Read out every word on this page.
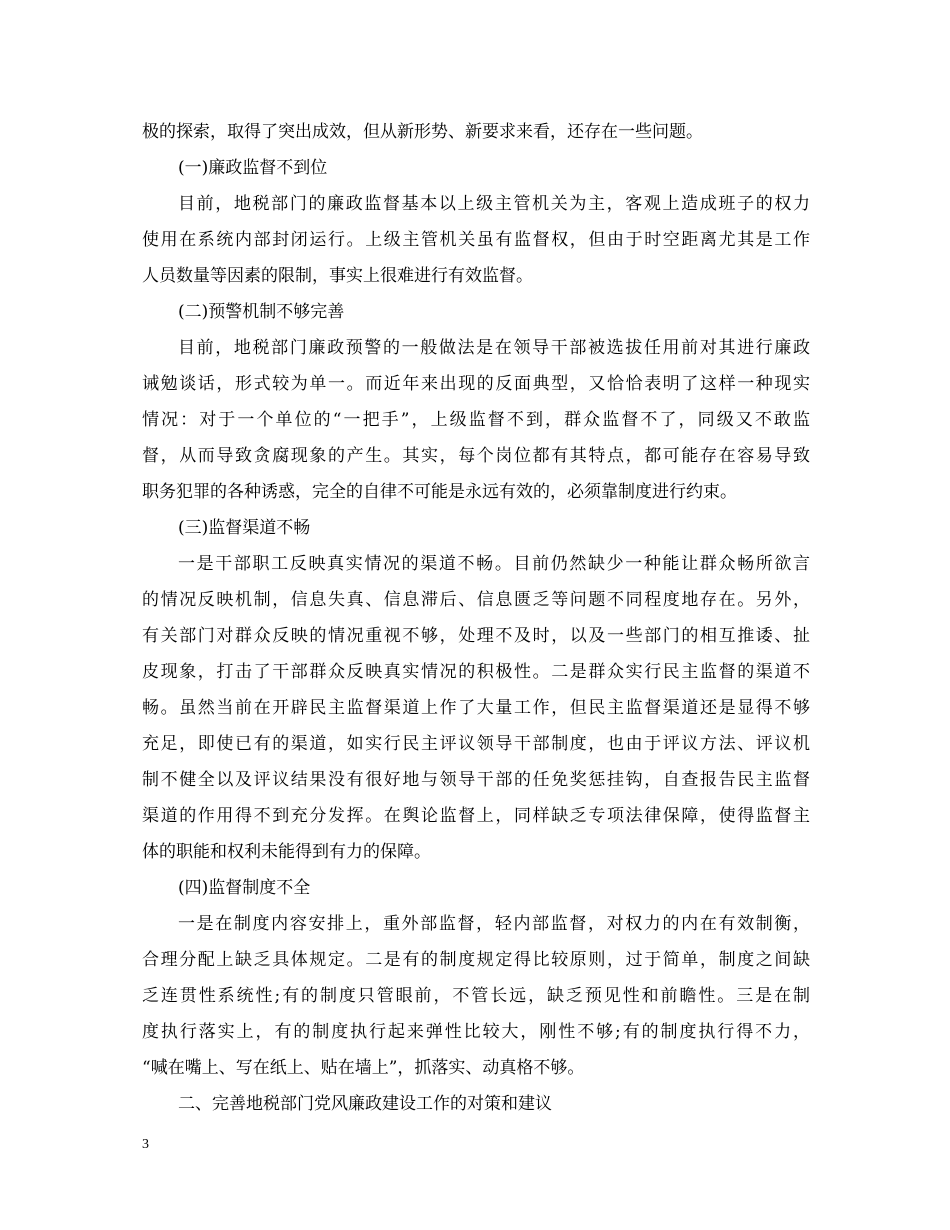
极的探索，取得了突出成效，但从新形势、新要求来看，还存在一些问题。
(一)廉政监督不到位
目前，地税部门的廉政监督基本以上级主管机关为主，客观上造成班子的权力
使用在系统内部封闭运行。上级主管机关虽有监督权，但由于时空距离尤其是工作
人员数量等因素的限制，事实上很难进行有效监督。
(二)预警机制不够完善
目前，地税部门廉政预警的一般做法是在领导干部被选拔任用前对其进行廉政
诫勉谈话，形式较为单一。而近年来出现的反面典型，又恰恰表明了这样一种现实
情况：对于一个单位的“一把手”，上级监督不到，群众监督不了，同级又不敢监
督，从而导致贪腐现象的产生。其实，每个岗位都有其特点，都可能存在容易导致
职务犯罪的各种诱惑，完全的自律不可能是永远有效的，必须靠制度进行约束。
(三)监督渠道不畅
一是干部职工反映真实情况的渠道不畅。目前仍然缺少一种能让群众畅所欲言
的情况反映机制，信息失真、信息滞后、信息匮乏等问题不同程度地存在。另外，
有关部门对群众反映的情况重视不够，处理不及时，以及一些部门的相互推诿、扯
皮现象，打击了干部群众反映真实情况的积极性。二是群众实行民主监督的渠道不
畅。虽然当前在开辟民主监督渠道上作了大量工作，但民主监督渠道还是显得不够
充足，即使已有的渠道，如实行民主评议领导干部制度，也由于评议方法、评议机
制不健全以及评议结果没有很好地与领导干部的任免奖惩挂钩，自查报告民主监督
渠道的作用得不到充分发挥。在舆论监督上，同样缺乏专项法律保障，使得监督主
体的职能和权利未能得到有力的保障。
(四)监督制度不全
一是在制度内容安排上，重外部监督，轻内部监督，对权力的内在有效制衡，
合理分配上缺乏具体规定。二是有的制度规定得比较原则，过于简单，制度之间缺
乏连贯性系统性;有的制度只管眼前，不管长远，缺乏预见性和前瞻性。三是在制
度执行落实上，有的制度执行起来弹性比较大，刚性不够;有的制度执行得不力，
“喊在嘴上、写在纸上、贴在墙上”，抓落实、动真格不够。
二、完善地税部门党风廉政建设工作的对策和建议
3
